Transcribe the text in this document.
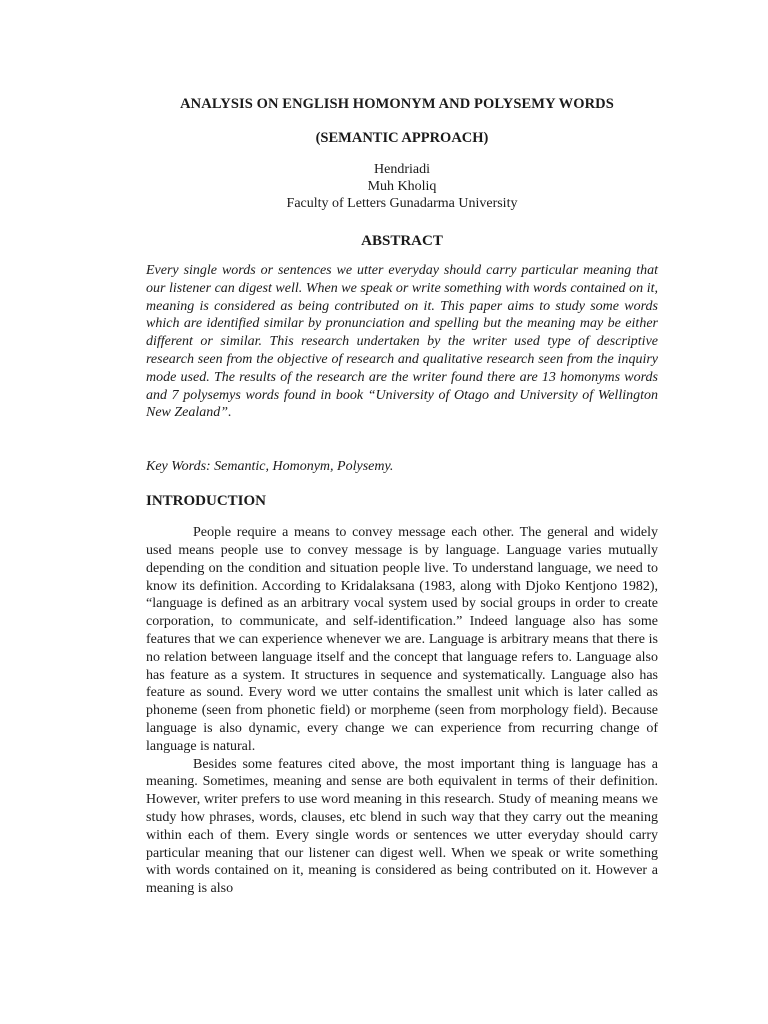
ANALYSIS ON ENGLISH HOMONYM AND POLYSEMY WORDS
(SEMANTIC APPROACH)
Hendriadi
Muh Kholiq
Faculty of Letters Gunadarma University
ABSTRACT
Every single words or sentences we utter everyday should carry particular meaning that our listener can digest well. When we speak or write something with words contained on it, meaning is considered as being contributed on it. This paper aims to study some words which are identified similar by pronunciation and spelling but the meaning may be either different or similar. This research undertaken by the writer used type of descriptive research seen from the objective of research and qualitative research seen from the inquiry mode used. The results of the research are the writer found there are 13 homonyms words and 7 polysemys words found in book “University of Otago and University of Wellington New Zealand”.
Key Words: Semantic, Homonym, Polysemy.
INTRODUCTION

People require a means to convey message each other. The general and widely used means people use to convey message is by language. Language varies mutually depending on the condition and situation people live. To understand language, we need to know its definition. According to Kridalaksana (1983, along with Djoko Kentjono 1982), “language is defined as an arbitrary vocal system used by social groups in order to create corporation, to communicate, and self-identification.” Indeed language also has some features that we can experience whenever we are. Language is arbitrary means that there is no relation between language itself and the concept that language refers to. Language also has feature as a system. It structures in sequence and systematically. Language also has feature as sound. Every word we utter contains the smallest unit which is later called as phoneme (seen from phonetic field) or morpheme (seen from morphology field). Because language is also dynamic, every change we can experience from recurring change of language is natural.

Besides some features cited above, the most important thing is language has a meaning. Sometimes, meaning and sense are both equivalent in terms of their definition. However, writer prefers to use word meaning in this research. Study of meaning means we study how phrases, words, clauses, etc blend in such way that they carry out the meaning within each of them. Every single words or sentences we utter everyday should carry particular meaning that our listener can digest well. When we speak or write something with words contained on it, meaning is considered as being contributed on it. However a meaning is also
